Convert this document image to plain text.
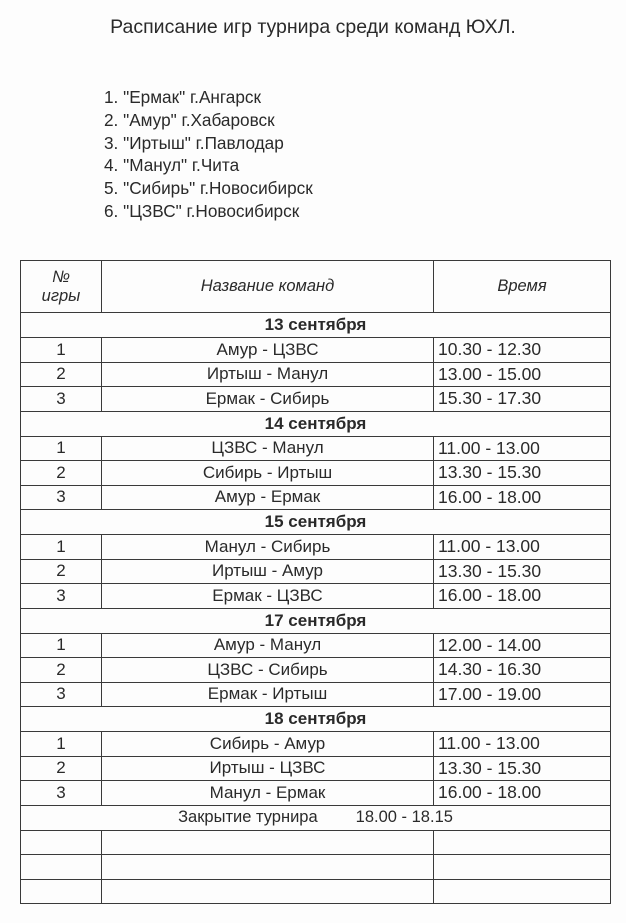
Расписание игр турнира среди команд ЮХЛ.
1. "Ермак" г.Ангарск
2. "Амур" г.Хабаровск
3. "Иртыш" г.Павлодар
4. "Манул" г.Чита
5. "Сибирь" г.Новосибирск
6. "ЦЗВС" г.Новосибирск
№
игры	Название команд	Время
13 сентября		
1	Амур - ЦЗВС	10.30 - 12.30
2	Иртыш - Манул	13.00 - 15.00
3	Ермак - Сибирь	15.30 - 17.30
14 сентября		
1	ЦЗВС - Манул	11.00 - 13.00
2	Сибирь - Иртыш	13.30 - 15.30
3	Амур - Ермак	16.00 - 18.00
15 сентября		
1	Манул - Сибирь	11.00 - 13.00
2	Иртыш - Амур	13.30 - 15.30
3	Ермак - ЦЗВС	16.00 - 18.00
17 сентября		
1	Амур - Манул	12.00 - 14.00
2	ЦЗВС - Сибирь	14.30 - 16.30
3	Ермак - Иртыш	17.00 - 19.00
18 сентября		
1	Сибирь - Амур	11.00 - 13.00
2	Иртыш - ЦЗВС	13.30 - 15.30
3	Манул - Ермак	16.00 - 18.00
Закрытие турнира 18.00 - 18.15		
